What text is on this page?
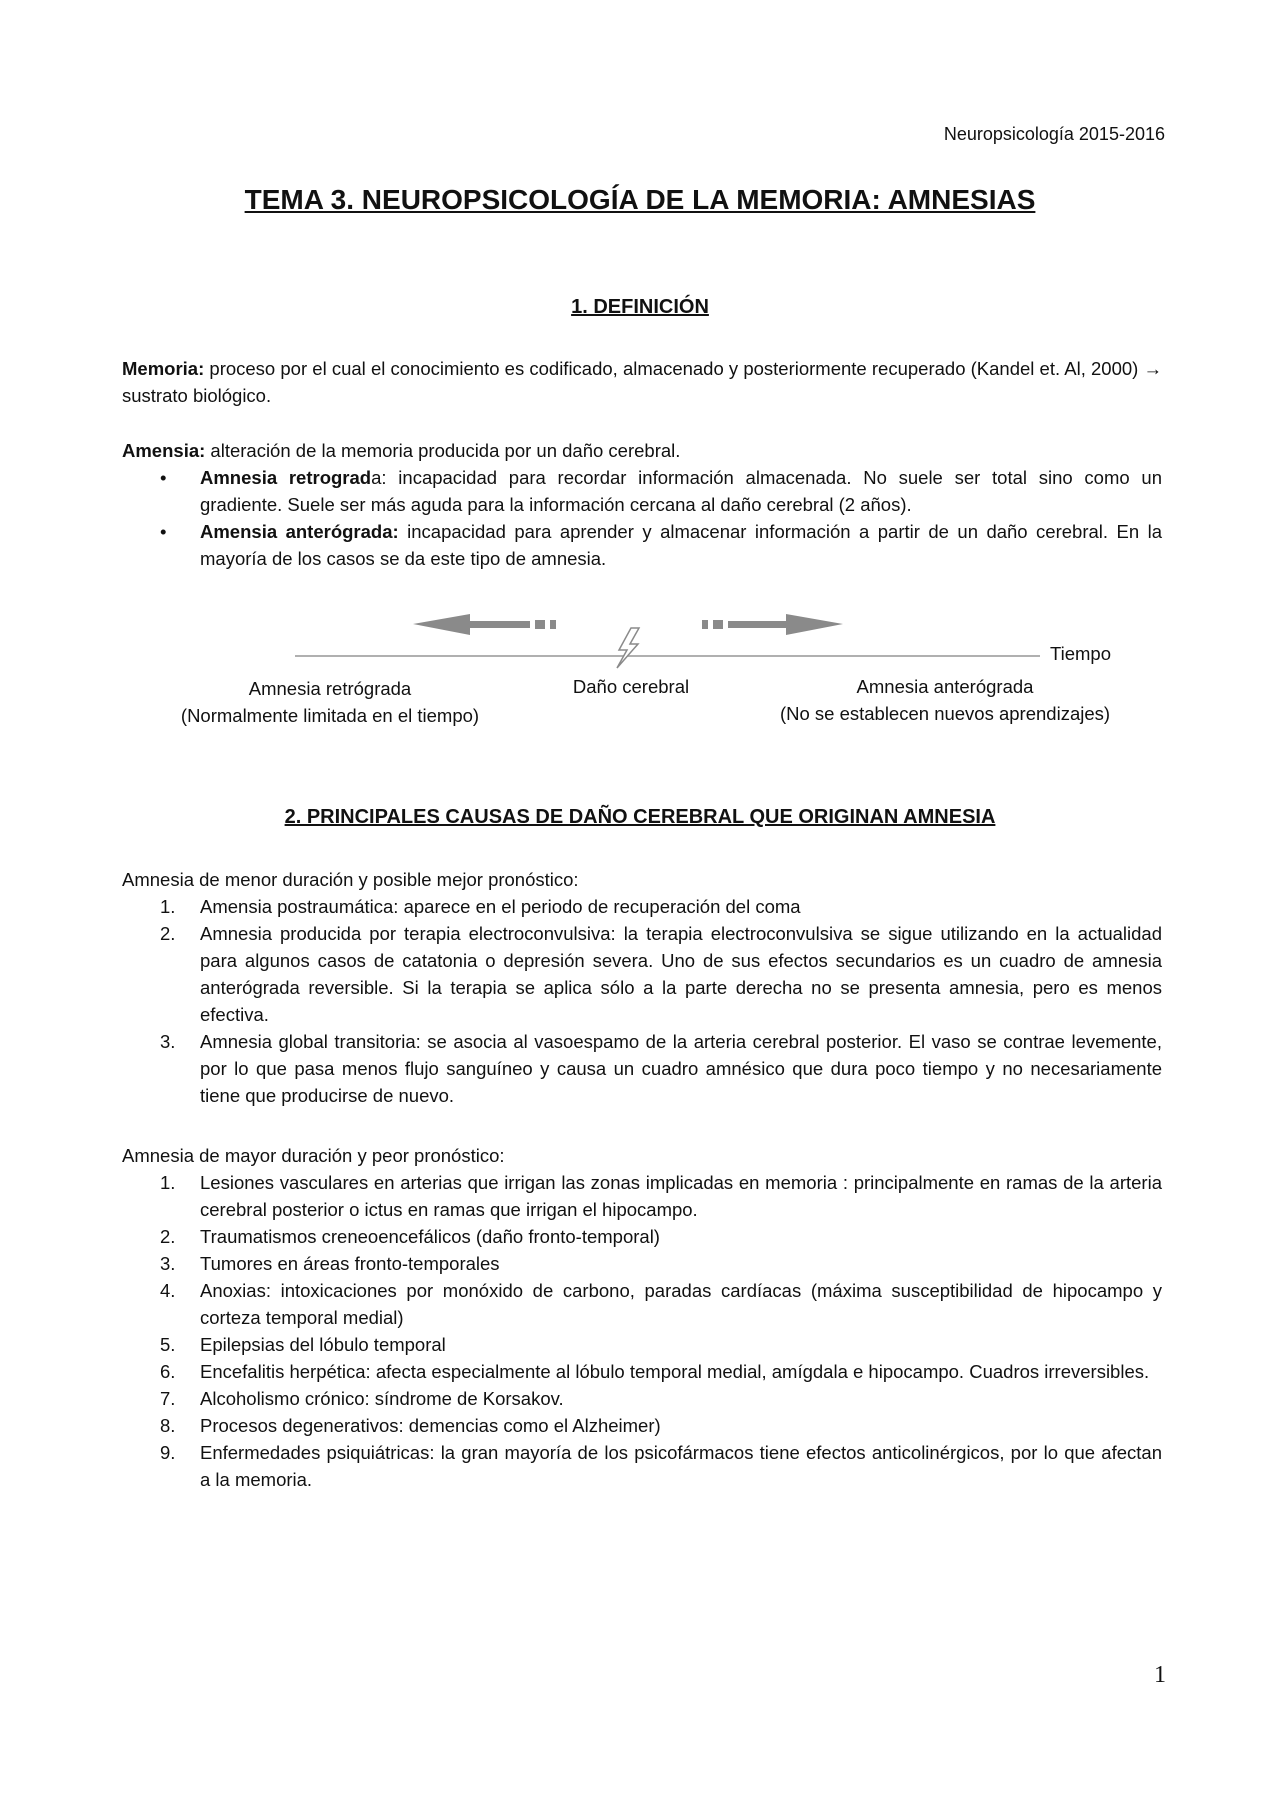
Neuropsicología 2015-2016
TEMA 3. NEUROPSICOLOGÍA DE LA MEMORIA: AMNESIAS
1. DEFINICIÓN

Memoria: proceso por el cual el conocimiento es codificado, almacenado y posteriormente recuperado (Kandel et. Al, 2000) → sustrato biológico.

Amensia: alteración de la memoria producida por un daño cerebral.

• Amnesia retrograda: incapacidad para recordar información almacenada. No suele ser total sino como un gradiente. Suele ser más aguda para la información cercana al daño cerebral (2 años).
• Amensia anterógrada: incapacidad para aprender y almacenar información a partir de un daño cerebral. En la mayoría de los casos se da este tipo de amnesia.
Tiempo
Amnesia retrógrada
(Normalmente limitada en el tiempo)
Daño cerebral	Amnesia anterógrada
(No se establecen nuevos aprendizajes)
2. PRINCIPALES CAUSAS DE DAÑO CEREBRAL QUE ORIGINAN AMNESIA

Amnesia de menor duración y posible mejor pronóstico:

1.	Amensia postraumática: aparece en el periodo de recuperación del coma
2.	Amnesia producida por terapia electroconvulsiva: la terapia electroconvulsiva se sigue utilizando en la actualidad para algunos casos de catatonia o depresión severa. Uno de sus efectos secundarios es un cuadro de amnesia anterógrada reversible. Si la terapia se aplica sólo a la parte derecha no se presenta amnesia, pero es menos efectiva.
3.	Amnesia global transitoria: se asocia al vasoespamo de la arteria cerebral posterior. El vaso se contrae levemente, por lo que pasa menos flujo sanguíneo y causa un cuadro amnésico que dura poco tiempo y no necesariamente tiene que producirse de nuevo.

Amnesia de mayor duración y peor pronóstico:

1.	Lesiones vasculares en arterias que irrigan las zonas implicadas en memoria : principalmente en ramas de la arteria cerebral posterior o ictus en ramas que irrigan el hipocampo.
2.	Traumatismos creneoencefálicos (daño fronto-temporal)
3.	Tumores en áreas fronto-temporales
4.	Anoxias: intoxicaciones por monóxido de carbono, paradas cardíacas (máxima susceptibilidad de hipocampo y corteza temporal medial)
5.	Epilepsias del lóbulo temporal
6.	Encefalitis herpética: afecta especialmente al lóbulo temporal medial, amígdala e hipocampo. Cuadros irreversibles.
7.	Alcoholismo crónico: síndrome de Korsakov.
8.	Procesos degenerativos: demencias como el Alzheimer)
9.	Enfermedades psiquiátricas: la gran mayoría de los psicofármacos tiene efectos anticolinérgicos, por lo que afectan a la memoria.
1
